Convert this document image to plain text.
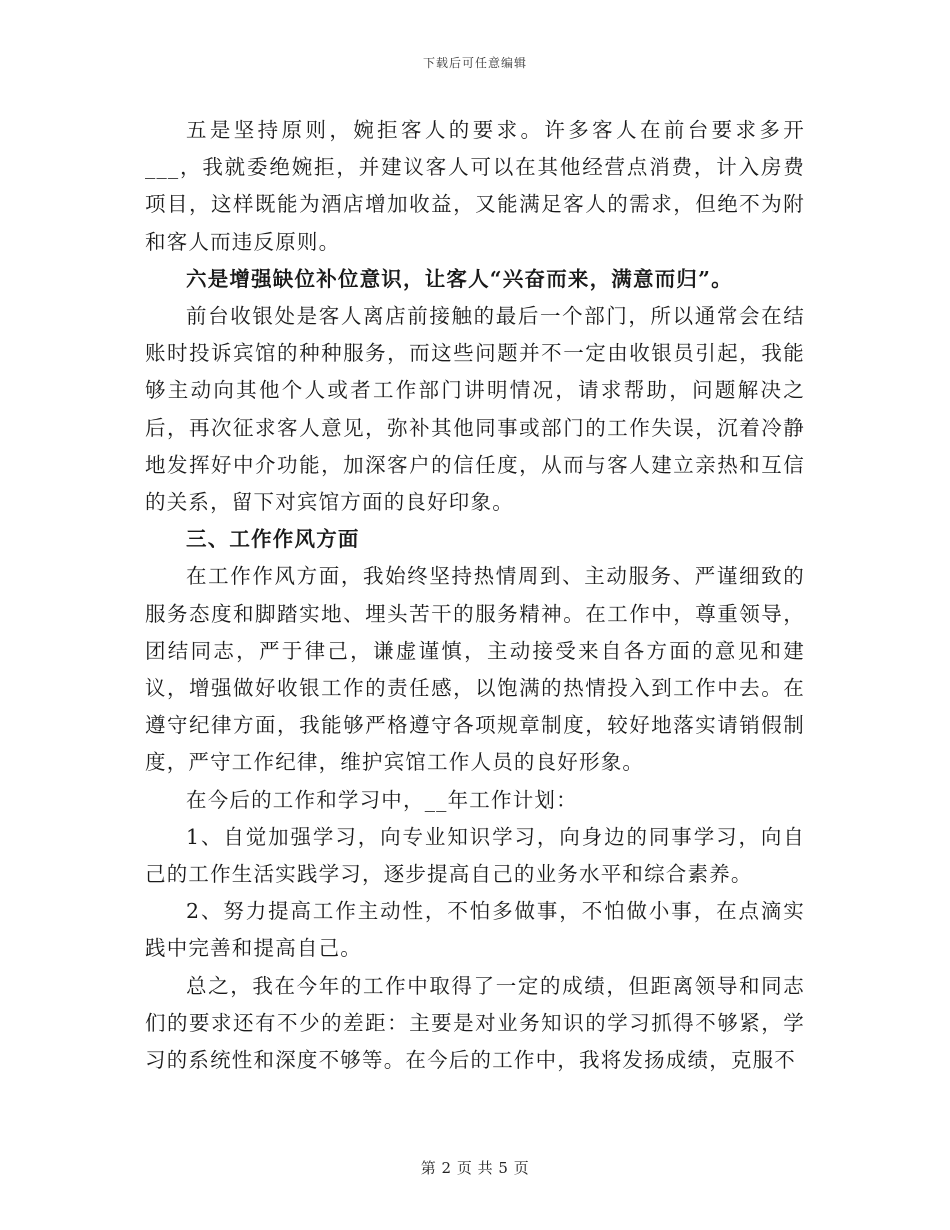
下载后可任意编辑

五是坚持原则，婉拒客人的要求。许多客人在前台要求多开___，我就委绝婉拒，并建议客人可以在其他经营点消费，计入房费项目，这样既能为酒店增加收益，又能满足客人的需求，但绝不为附和客人而违反原则。

六是增强缺位补位意识，让客人“兴奋而来，满意而归”。

前台收银处是客人离店前接触的最后一个部门，所以通常会在结账时投诉宾馆的种种服务，而这些问题并不一定由收银员引起，我能够主动向其他个人或者工作部门讲明情况，请求帮助，问题解决之后，再次征求客人意见，弥补其他同事或部门的工作失误，沉着冷静地发挥好中介功能，加深客户的信任度，从而与客人建立亲热和互信的关系，留下对宾馆方面的良好印象。

三、工作作风方面

在工作作风方面，我始终坚持热情周到、主动服务、严谨细致的服务态度和脚踏实地、埋头苦干的服务精神。在工作中，尊重领导，团结同志，严于律己，谦虚谨慎，主动接受来自各方面的意见和建议，增强做好收银工作的责任感，以饱满的热情投入到工作中去。在遵守纪律方面，我能够严格遵守各项规章制度，较好地落实请销假制度，严守工作纪律，维护宾馆工作人员的良好形象。

在今后的工作和学习中，__年工作计划：

1、自觉加强学习，向专业知识学习，向身边的同事学习，向自己的工作生活实践学习，逐步提高自己的业务水平和综合素养。

2、努力提高工作主动性，不怕多做事，不怕做小事，在点滴实践中完善和提高自己。

总之，我在今年的工作中取得了一定的成绩，但距离领导和同志们的要求还有不少的差距：主要是对业务知识的学习抓得不够紧，学习的系统性和深度不够等。在今后的工作中，我将发扬成绩，克服不

第 2 页 共 5 页
